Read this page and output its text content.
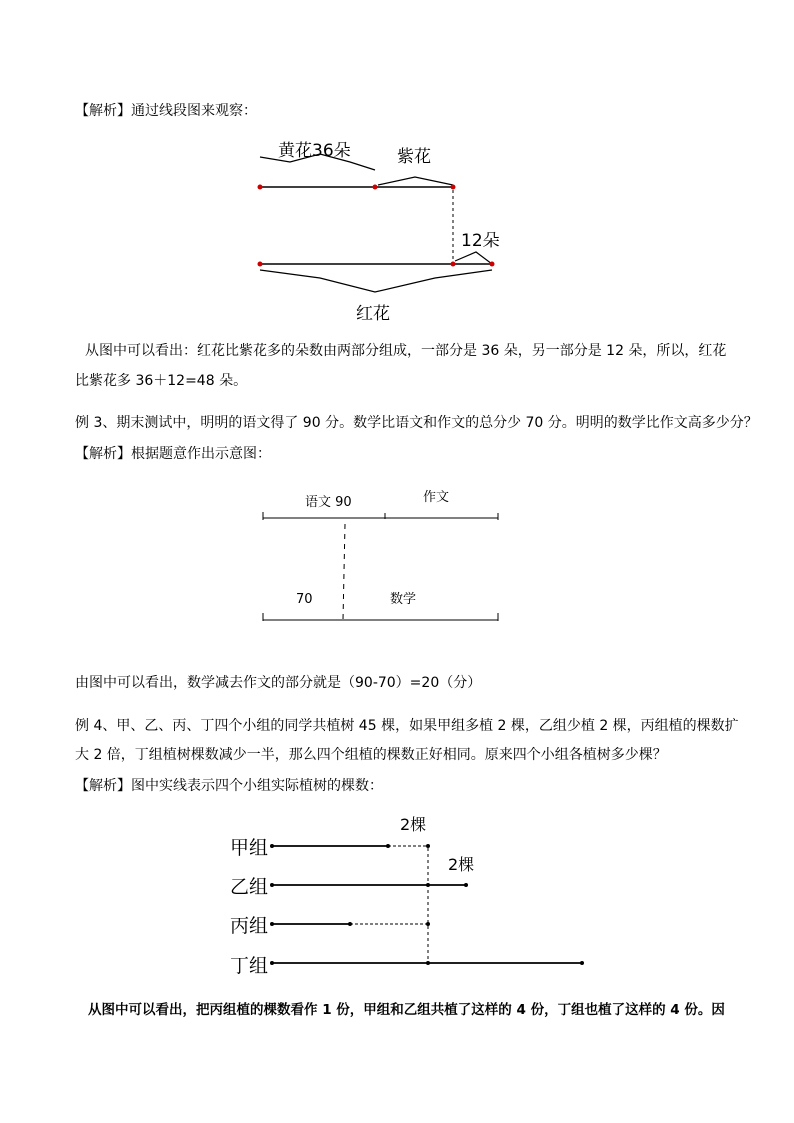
【解析】通过线段图来观察：
黄花36朵	紫花
12朵
红花
从图中可以看出：红花比紫花多的朵数由两部分组成，一部分是 36 朵，另一部分是 12 朵，所以，红花
比紫花多 36＋12=48 朵。
例 3、期末测试中，明明的语文得了 90 分。数学比语文和作文的总分少 70 分。明明的数学比作文高多少分？
【解析】根据题意作出示意图：
语文 90	作文
70	数学
由图中可以看出，数学减去作文的部分就是（90-70）=20（分）
例 4、甲、乙、丙、丁四个小组的同学共植树 45 棵，如果甲组多植 2 棵，乙组少植 2 棵，丙组植的棵数扩
大 2 倍，丁组植树棵数减少一半，那么四个组植的棵数正好相同。原来四个小组各植树多少棵？
【解析】图中实线表示四个小组实际植树的棵数：
2棵
甲组
2棵
乙组
丙组
丁组
从图中可以看出，把丙组植的棵数看作 1 份，甲组和乙组共植了这样的 4 份，丁组也植了这样的 4 份。因
